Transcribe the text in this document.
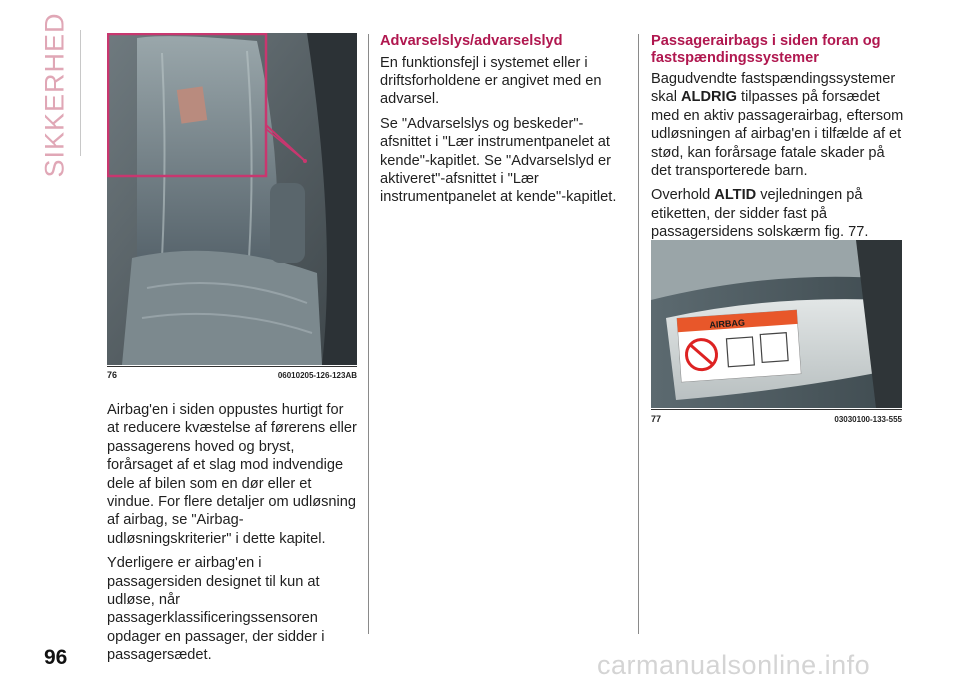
SIKKERHED
76	06010205-126-123AB

Airbag'en i siden oppustes hurtigt for at reducere kvæstelse af førerens eller passagerens hoved og bryst, forårsaget af et slag mod indvendige dele af bilen som en dør eller et vindue. For flere detaljer om udløsning af airbag, se "Airbag-udløsningskriterier" i dette kapitel.

Yderligere er airbag'en i passagersiden designet til kun at udløse, når passagerklassificeringssensoren opdager en passager, der sidder i passagersædet.

Advarselslys/advarselslyd

En funktionsfejl i systemet eller i driftsforholdene er angivet med en advarsel.

Se "Advarselslys og beskeder"-afsnittet i "Lær instrumentpanelet at kende"-kapitlet. Se "Advarselslyd er aktiveret"-afsnittet i "Lær instrumentpanelet at kende"-kapitlet.

Passagerairbags i siden foran og fastspændingssystemer

Bagudvendte fastspændingssystemer skal ALDRIG tilpasses på forsædet med en aktiv passagerairbag, eftersom udløsningen af airbag'en i tilfælde af et stød, kan forårsage fatale skader på det transporterede barn.

Overhold ALTID vejledningen på etiketten, der sidder fast på passagersidens solskærm fig. 77.

AIRBAG
77	03030100-133-555
96	carmanualsonline.info
